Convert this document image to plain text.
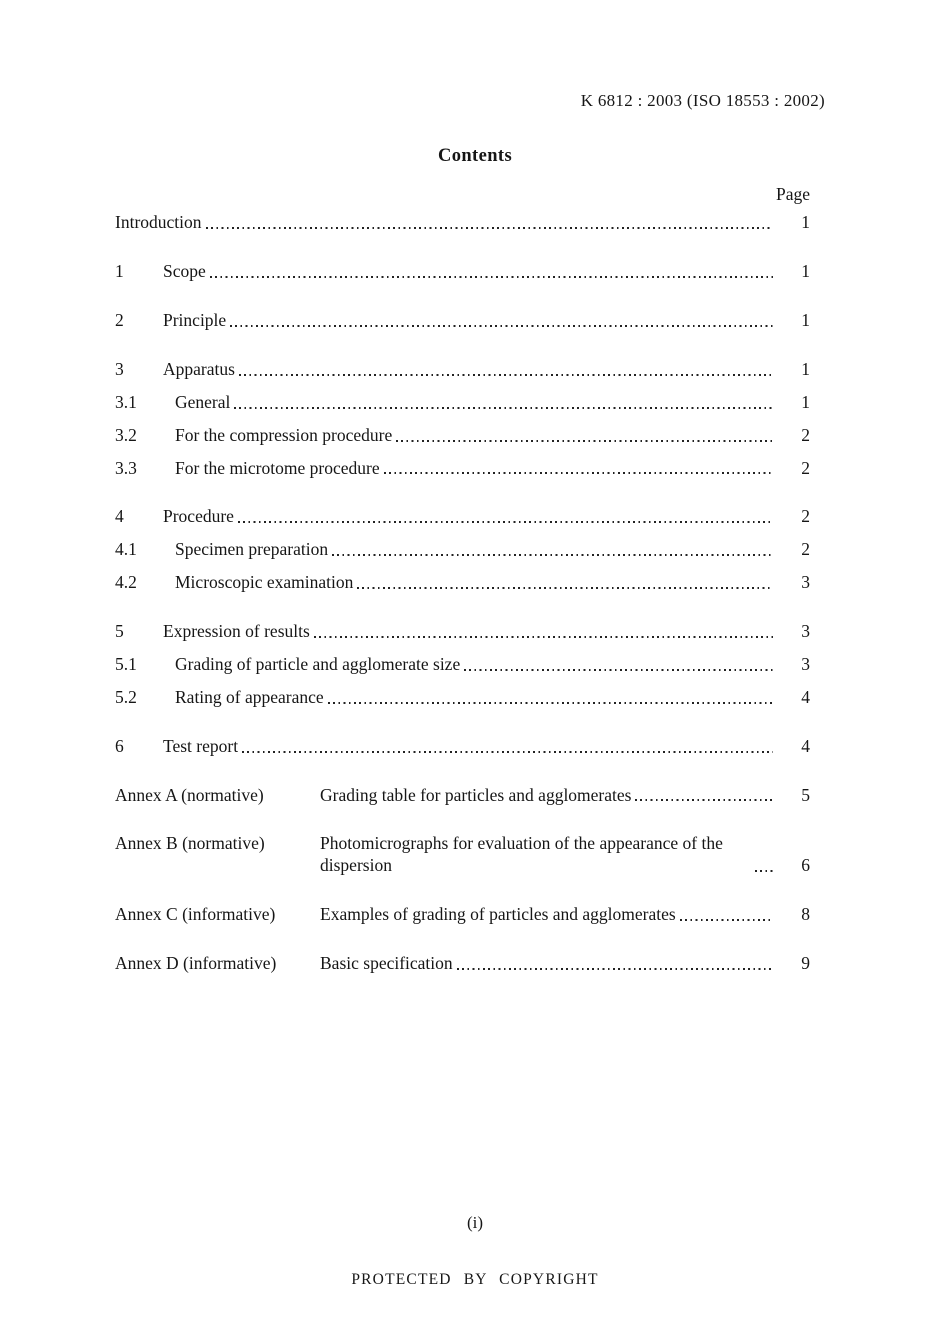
K 6812 : 2003 (ISO 18553 : 2002)
Contents
Page
Introduction	1
1	Scope	1
2	Principle	1
3	Apparatus	1
3.1	General	1
3.2	For the compression procedure	2
3.3	For the microtome procedure	2
4	Procedure	2
4.1	Specimen preparation	2
4.2	Microscopic examination	3
5	Expression of results	3
5.1	Grading of particle and agglomerate size	3
5.2	Rating of appearance	4
6	Test report	4
Annex A (normative)	Grading table for particles and agglomerates	5
Annex B (normative)	Photomicrographs for evaluation of the appearance of the dispersion	6
Annex C (informative)	Examples of grading of particles and agglomerates	8
Annex D (informative)	Basic specification	9
(i)
PROTECTED BY COPYRIGHT
